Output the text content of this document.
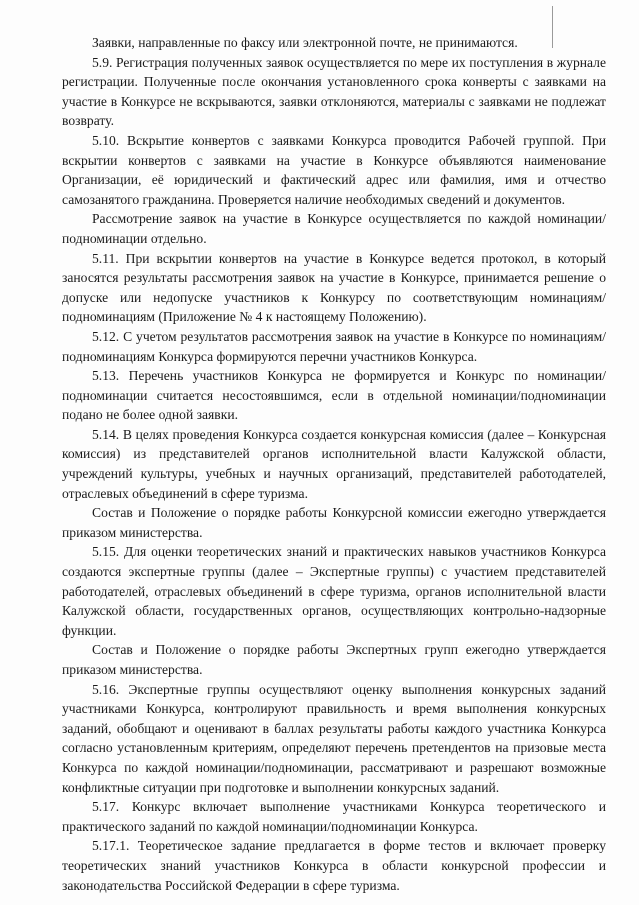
Заявки, направленные по факсу или электронной почте, не принимаются.

5.9. Регистрация полученных заявок осуществляется по мере их поступления в журнале регистрации. Полученные после окончания установленного срока конверты с заявками на участие в Конкурсе не вскрываются, заявки отклоняются, материалы с заявками не подлежат возврату.

5.10. Вскрытие конвертов с заявками Конкурса проводится Рабочей группой. При вскрытии конвертов с заявками на участие в Конкурсе объявляются наименование Организации, её юридический и фактический адрес или фамилия, имя и отчество самозанятого гражданина. Проверяется наличие необходимых сведений и документов.

Рассмотрение заявок на участие в Конкурсе осуществляется по каждой номинации/подноминации отдельно.

5.11. При вскрытии конвертов на участие в Конкурсе ведется протокол, в который заносятся результаты рассмотрения заявок на участие в Конкурсе, принимается решение о допуске или недопуске участников к Конкурсу по соответствующим номинациям/подноминациям (Приложение № 4 к настоящему Положению).

5.12. С учетом результатов рассмотрения заявок на участие в Конкурсе по номинациям/подноминациям Конкурса формируются перечни участников Конкурса.

5.13. Перечень участников Конкурса не формируется и Конкурс по номинации/подноминации считается несостоявшимся, если в отдельной номинации/подноминации подано не более одной заявки.

5.14. В целях проведения Конкурса создается конкурсная комиссия (далее – Конкурсная комиссия) из представителей органов исполнительной власти Калужской области, учреждений культуры, учебных и научных организаций, представителей работодателей, отраслевых объединений в сфере туризма.

Состав и Положение о порядке работы Конкурсной комиссии ежегодно утверждается приказом министерства.

5.15. Для оценки теоретических знаний и практических навыков участников Конкурса создаются экспертные группы (далее – Экспертные группы) с участием представителей работодателей, отраслевых объединений в сфере туризма, органов исполнительной власти Калужской области, государственных органов, осуществляющих контрольно-надзорные функции.

Состав и Положение о порядке работы Экспертных групп ежегодно утверждается приказом министерства.

5.16. Экспертные группы осуществляют оценку выполнения конкурсных заданий участниками Конкурса, контролируют правильность и время выполнения конкурсных заданий, обобщают и оценивают в баллах результаты работы каждого участника Конкурса согласно установленным критериям, определяют перечень претендентов на призовые места Конкурса по каждой номинации/подноминации, рассматривают и разрешают возможные конфликтные ситуации при подготовке и выполнении конкурсных заданий.

5.17. Конкурс включает выполнение участниками Конкурса теоретического и практического заданий по каждой номинации/подноминации Конкурса.

5.17.1. Теоретическое задание предлагается в форме тестов и включает проверку теоретических знаний участников Конкурса в области конкурсной профессии и законодательства Российской Федерации в сфере туризма.
